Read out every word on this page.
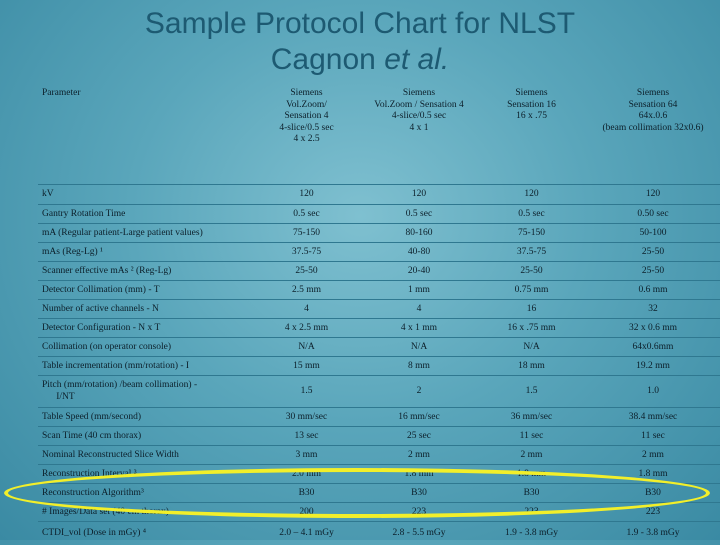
Sample Protocol Chart for NLST
Cagnon et al.
Parameter	Siemens
Vol.Zoom/
Sensation 4
4-slice/0.5 sec
4 x 2.5	Siemens
Vol.Zoom / Sensation 4
4-slice/0.5 sec
4 x 1	Siemens
Sensation 16
16 x .75	Siemens
Sensation 64
64x.0.6
(beam collimation 32x0.6)
kV	120	120	120	120
Gantry Rotation Time	0.5 sec	0.5 sec	0.5 sec	0.50 sec
mA (Regular patient-Large patient values)	75-150	80-160	75-150	50-100
mAs (Reg-Lg) ¹	37.5-75	40-80	37.5-75	25-50
Scanner effective mAs ² (Reg-Lg)	25-50	20-40	25-50	25-50
Detector Collimation (mm) - T	2.5 mm	1 mm	0.75 mm	0.6 mm
Number of active channels - N	4	4	16	32
Detector Configuration - N x T	4 x 2.5 mm	4 x 1 mm	16 x .75 mm	32 x 0.6 mm
Collimation (on operator console)	N/A	N/A	N/A	64x0.6mm
Table incrementation (mm/rotation) - I	15 mm	8 mm	18 mm	19.2 mm
Pitch (mm/rotation) /beam collimation) -
I/NT	1.5	2	1.5	1.0
Table Speed (mm/second)	30 mm/sec	16 mm/sec	36 mm/sec	38.4 mm/sec
Scan Time (40 cm thorax)	13 sec	25 sec	11 sec	11 sec
Nominal Reconstructed Slice Width	3 mm	2 mm	2 mm	2 mm
Reconstruction Interval ³	2.0 mm	1.8 mm	1.8 mm	1.8 mm
Reconstruction Algorithm³	B30	B30	B30	B30
# Images/Data set (40 cm thorax)	200	223	223	223
CTDI_vol (Dose in mGy) ⁴	2.0 – 4.1 mGy	2.8 - 5.5 mGy	1.9 - 3.8 mGy	1.9 - 3.8 mGy
